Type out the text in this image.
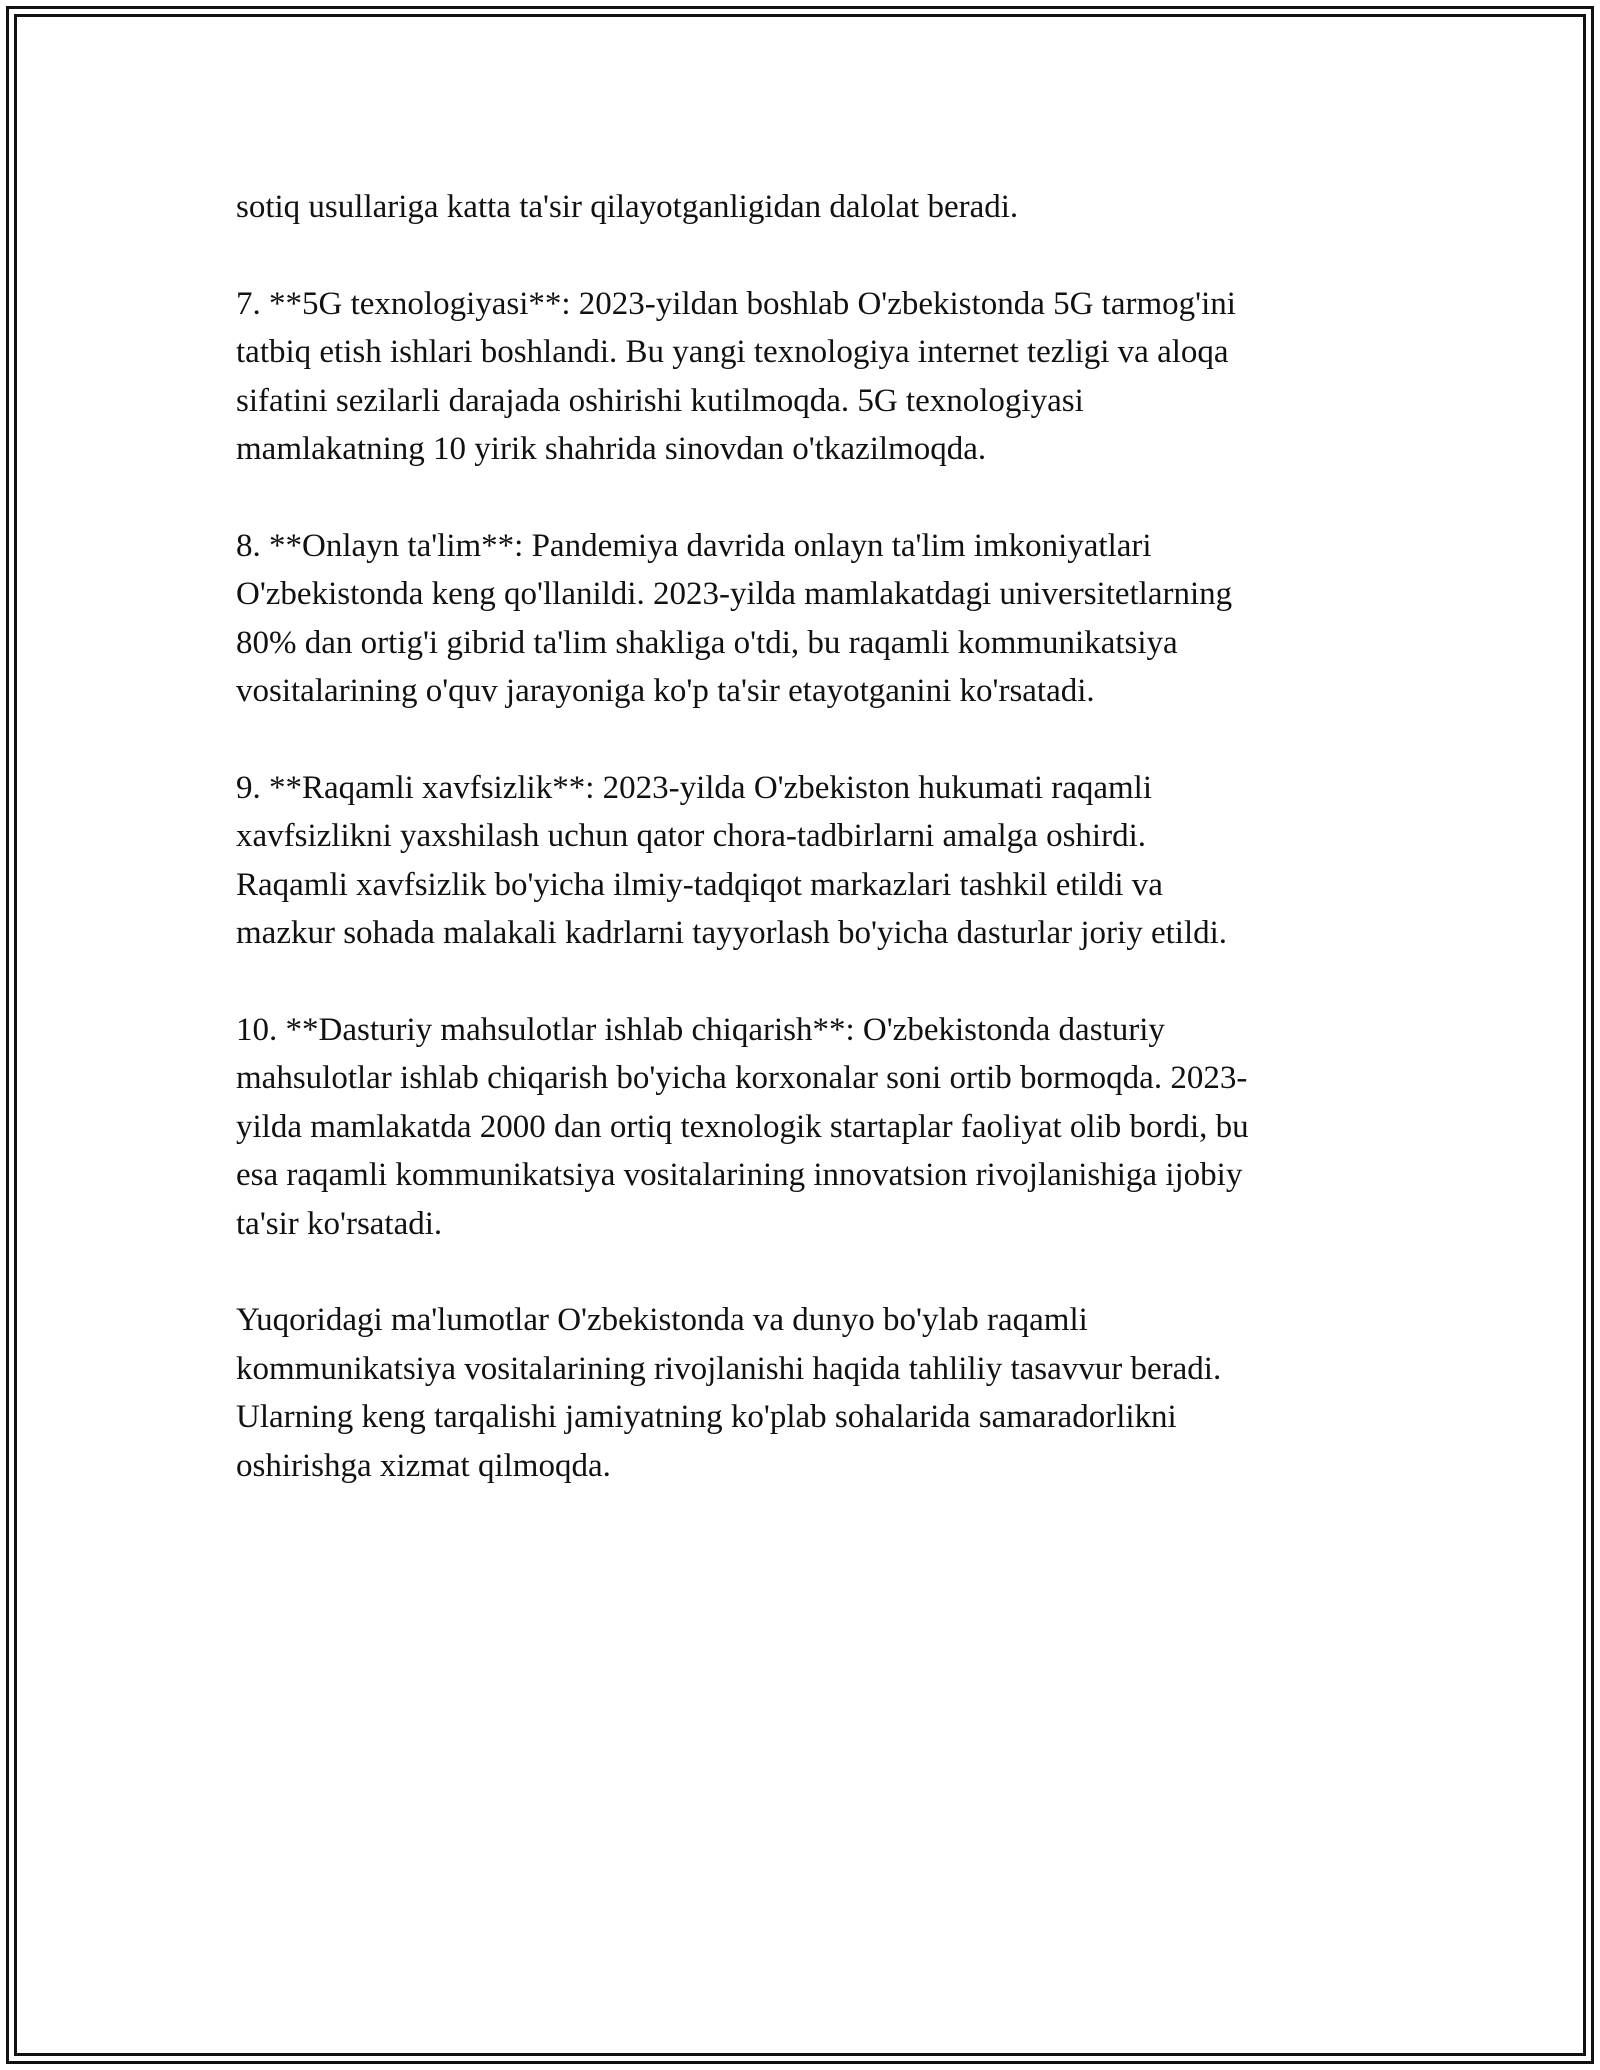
sotiq usullariga katta ta'sir qilayotganligidan dalolat beradi.

7. **5G texnologiyasi**: 2023-yildan boshlab O'zbekistonda 5G tarmog'ini
tatbiq etish ishlari boshlandi. Bu yangi texnologiya internet tezligi va aloqa
sifatini sezilarli darajada oshirishi kutilmoqda. 5G texnologiyasi
mamlakatning 10 yirik shahrida sinovdan o'tkazilmoqda.

8. **Onlayn ta'lim**: Pandemiya davrida onlayn ta'lim imkoniyatlari
O'zbekistonda keng qo'llanildi. 2023-yilda mamlakatdagi universitetlarning
80% dan ortig'i gibrid ta'lim shakliga o'tdi, bu raqamli kommunikatsiya
vositalarining o'quv jarayoniga ko'p ta'sir etayotganini ko'rsatadi.

9. **Raqamli xavfsizlik**: 2023-yilda O'zbekiston hukumati raqamli
xavfsizlikni yaxshilash uchun qator chora-tadbirlarni amalga oshirdi.
Raqamli xavfsizlik bo'yicha ilmiy-tadqiqot markazlari tashkil etildi va
mazkur sohada malakali kadrlarni tayyorlash bo'yicha dasturlar joriy etildi.

10. **Dasturiy mahsulotlar ishlab chiqarish**: O'zbekistonda dasturiy
mahsulotlar ishlab chiqarish bo'yicha korxonalar soni ortib bormoqda. 2023-
yilda mamlakatda 2000 dan ortiq texnologik startaplar faoliyat olib bordi, bu
esa raqamli kommunikatsiya vositalarining innovatsion rivojlanishiga ijobiy
ta'sir ko'rsatadi.

Yuqoridagi ma'lumotlar O'zbekistonda va dunyo bo'ylab raqamli
kommunikatsiya vositalarining rivojlanishi haqida tahliliy tasavvur beradi.
Ularning keng tarqalishi jamiyatning ko'plab sohalarida samaradorlikni
oshirishga xizmat qilmoqda.
